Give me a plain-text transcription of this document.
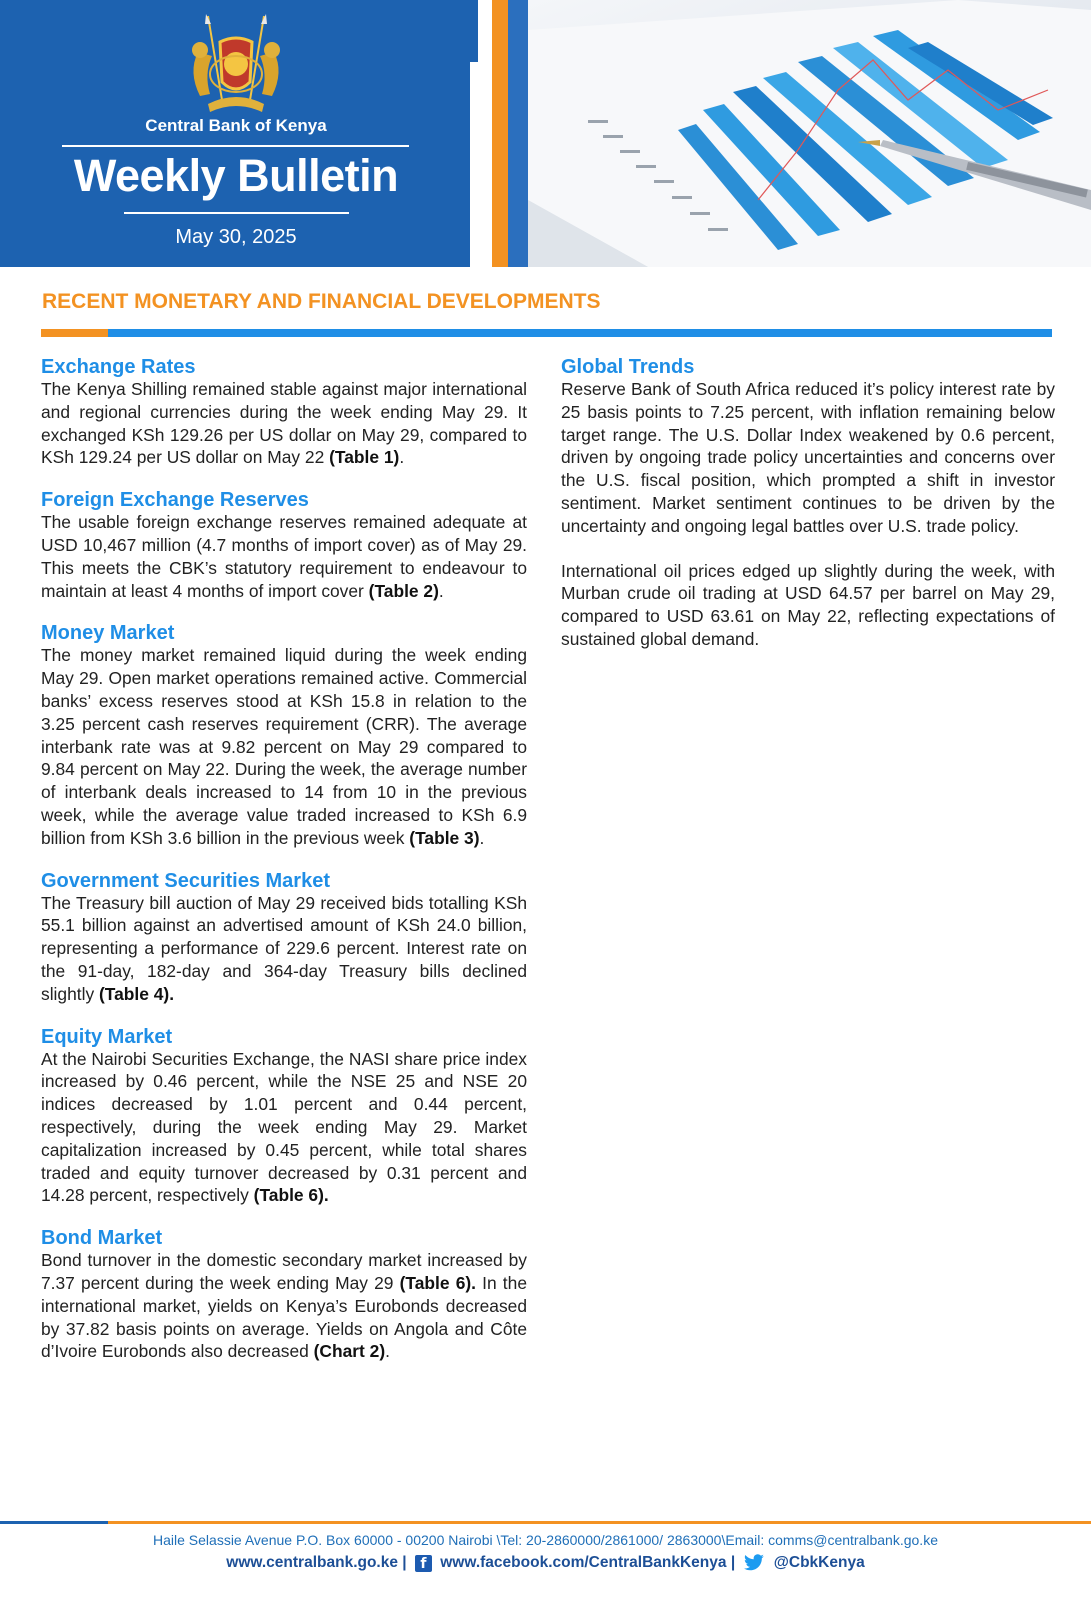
Central Bank of Kenya
Weekly Bulletin
May 30, 2025
RECENT MONETARY AND FINANCIAL DEVELOPMENTS
Exchange Rates

The Kenya Shilling remained stable against major international and regional currencies during the week ending May 29. It exchanged KSh 129.26 per US dollar on May 29, compared to KSh 129.24 per US dollar on May 22 (Table 1).

Foreign Exchange Reserves

The usable foreign exchange reserves remained adequate at USD 10,467 million (4.7 months of import cover) as of May 29. This meets the CBK’s statutory requirement to endeavour to maintain at least 4 months of import cover (Table 2).

Money Market

The money market remained liquid during the week ending May 29. Open market operations remained active. Commercial banks’ excess reserves stood at KSh 15.8 in relation to the 3.25 percent cash reserves requirement (CRR). The average interbank rate was at 9.82 percent on May 29 compared to 9.84 percent on May 22. During the week, the average number of interbank deals increased to 14 from 10 in the previous week, while the average value traded increased to KSh 6.9 billion from KSh 3.6 billion in the previous week (Table 3).

Government Securities Market

The Treasury bill auction of May 29 received bids totalling KSh 55.1 billion against an advertised amount of KSh 24.0 billion, representing a performance of 229.6 percent. Interest rate on the 91-day, 182-day and 364-day Treasury bills declined slightly (Table 4).

Equity Market

At the Nairobi Securities Exchange, the NASI share price index increased by 0.46 percent, while the NSE 25 and NSE 20 indices decreased by 1.01 percent and 0.44 percent, respectively, during the week ending May 29. Market capitalization increased by 0.45 percent, while total shares traded and equity turnover decreased by 0.31 percent and 14.28 percent, respectively (Table 6).

Bond Market

Bond turnover in the domestic secondary market increased by 7.37 percent during the week ending May 29 (Table 6). In the international market, yields on Kenya’s Eurobonds decreased by 37.82 basis points on average. Yields on Angola and Côte d’Ivoire Eurobonds also decreased (Chart 2).

Global Trends

Reserve Bank of South Africa reduced it’s policy interest rate by 25 basis points to 7.25 percent, with inflation remaining below target range. The U.S. Dollar Index weakened by 0.6 percent, driven by ongoing trade policy uncertainties and concerns over the U.S. fiscal position, which prompted a shift in investor sentiment. Market sentiment continues to be driven by the uncertainty and ongoing legal battles over U.S. trade policy.

International oil prices edged up slightly during the week, with Murban crude oil trading at USD 64.57 per barrel on May 29, compared to USD 63.61 on May 22, reflecting expectations of sustained global demand.

Haile Selassie Avenue P.O. Box 60000 - 00200 Nairobi \Tel: 20-2860000/2861000/ 2863000\Email: comms@centralbank.go.ke
www.centralbank.go.ke | f www.facebook.com/CentralBankKenya | @CbkKenya
